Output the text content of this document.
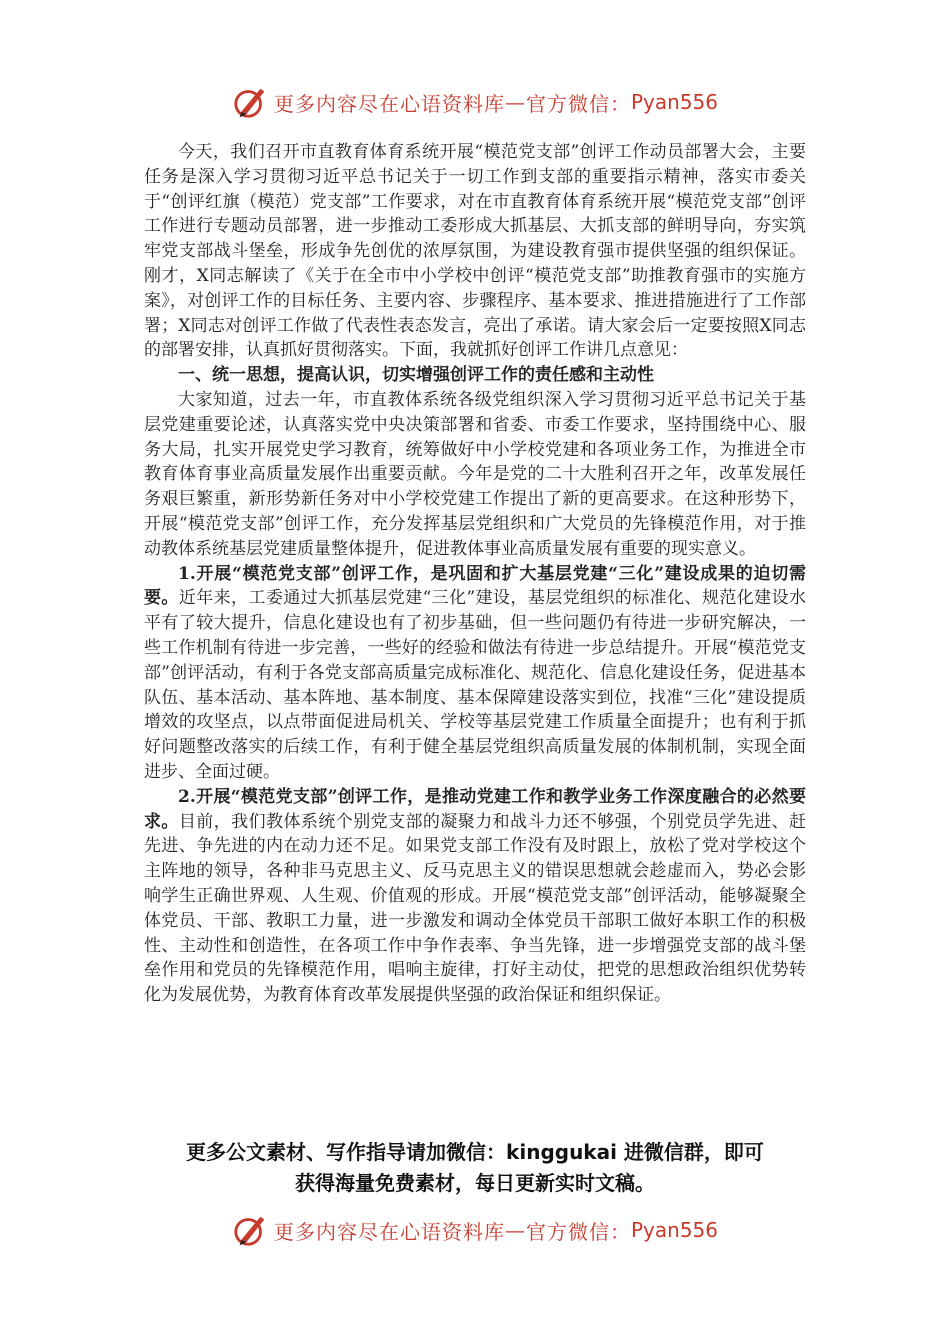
更多内容尽在心语资料库 — 官方微信： Pyan556

今天，我们召开市直教育体育系统开展“模范党支部”创评工作动员部署大会，主要任务是深入学习贯彻习近平总书记关于一切工作到支部的重要指示精神，落实市委关于“创评红旗（模范）党支部”工作要求，对在市直教育体育系统开展“模范党支部”创评工作进行专题动员部署，进一步推动工委形成大抓基层、大抓支部的鲜明导向，夯实筑牢党支部战斗堡垒，形成争先创优的浓厚氛围，为建设教育强市提供坚强的组织保证。刚才，X同志解读了《关于在全市中小学校中创评“模范党支部”助推教育强市的实施方案》，对创评工作的目标任务、主要内容、步骤程序、基本要求、推进措施进行了工作部署；X同志对创评工作做了代表性表态发言，亮出了承诺。请大家会后一定要按照X同志的部署安排，认真抓好贯彻落实。下面，我就抓好创评工作讲几点意见：

一、统一思想，提高认识，切实增强创评工作的责任感和主动性

大家知道，过去一年，市直教体系统各级党组织深入学习贯彻习近平总书记关于基层党建重要论述，认真落实党中央决策部署和省委、市委工作要求，坚持围绕中心、服务大局，扎实开展党史学习教育，统筹做好中小学校党建和各项业务工作，为推进全市教育体育事业高质量发展作出重要贡献。今年是党的二十大胜利召开之年，改革发展任务艰巨繁重，新形势新任务对中小学校党建工作提出了新的更高要求。在这种形势下，开展“模范党支部”创评工作，充分发挥基层党组织和广大党员的先锋模范作用，对于推动教体系统基层党建质量整体提升，促进教体事业高质量发展有重要的现实意义。

1.开展“模范党支部”创评工作，是巩固和扩大基层党建“三化”建设成果的迫切需要。近年来，工委通过大抓基层党建“三化”建设，基层党组织的标准化、规范化建设水平有了较大提升，信息化建设也有了初步基础，但一些问题仍有待进一步研究解决，一些工作机制有待进一步完善，一些好的经验和做法有待进一步总结提升。开展“模范党支部”创评活动，有利于各党支部高质量完成标准化、规范化、信息化建设任务，促进基本队伍、基本活动、基本阵地、基本制度、基本保障建设落实到位，找准“三化”建设提质增效的攻坚点，以点带面促进局机关、学校等基层党建工作质量全面提升；也有利于抓好问题整改落实的后续工作，有利于健全基层党组织高质量发展的体制机制，实现全面进步、全面过硬。

2.开展“模范党支部”创评工作，是推动党建工作和教学业务工作深度融合的必然要求。目前，我们教体系统个别党支部的凝聚力和战斗力还不够强，个别党员学先进、赶先进、争先进的内在动力还不足。如果党支部工作没有及时跟上，放松了党对学校这个主阵地的领导，各种非马克思主义、反马克思主义的错误思想就会趁虚而入，势必会影响学生正确世界观、人生观、价值观的形成。开展“模范党支部”创评活动，能够凝聚全体党员、干部、教职工力量，进一步激发和调动全体党员干部职工做好本职工作的积极性、主动性和创造性，在各项工作中争作表率、争当先锋，进一步增强党支部的战斗堡垒作用和党员的先锋模范作用，唱响主旋律，打好主动仗，把党的思想政治组织优势转化为发展优势，为教育体育改革发展提供坚强的政治保证和组织保证。

更多公文素材、写作指导请加微信：kinggukai 进微信群，即可
获得海量免费素材，每日更新实时文稿。
更多内容尽在心语资料库 — 官方微信： Pyan556
